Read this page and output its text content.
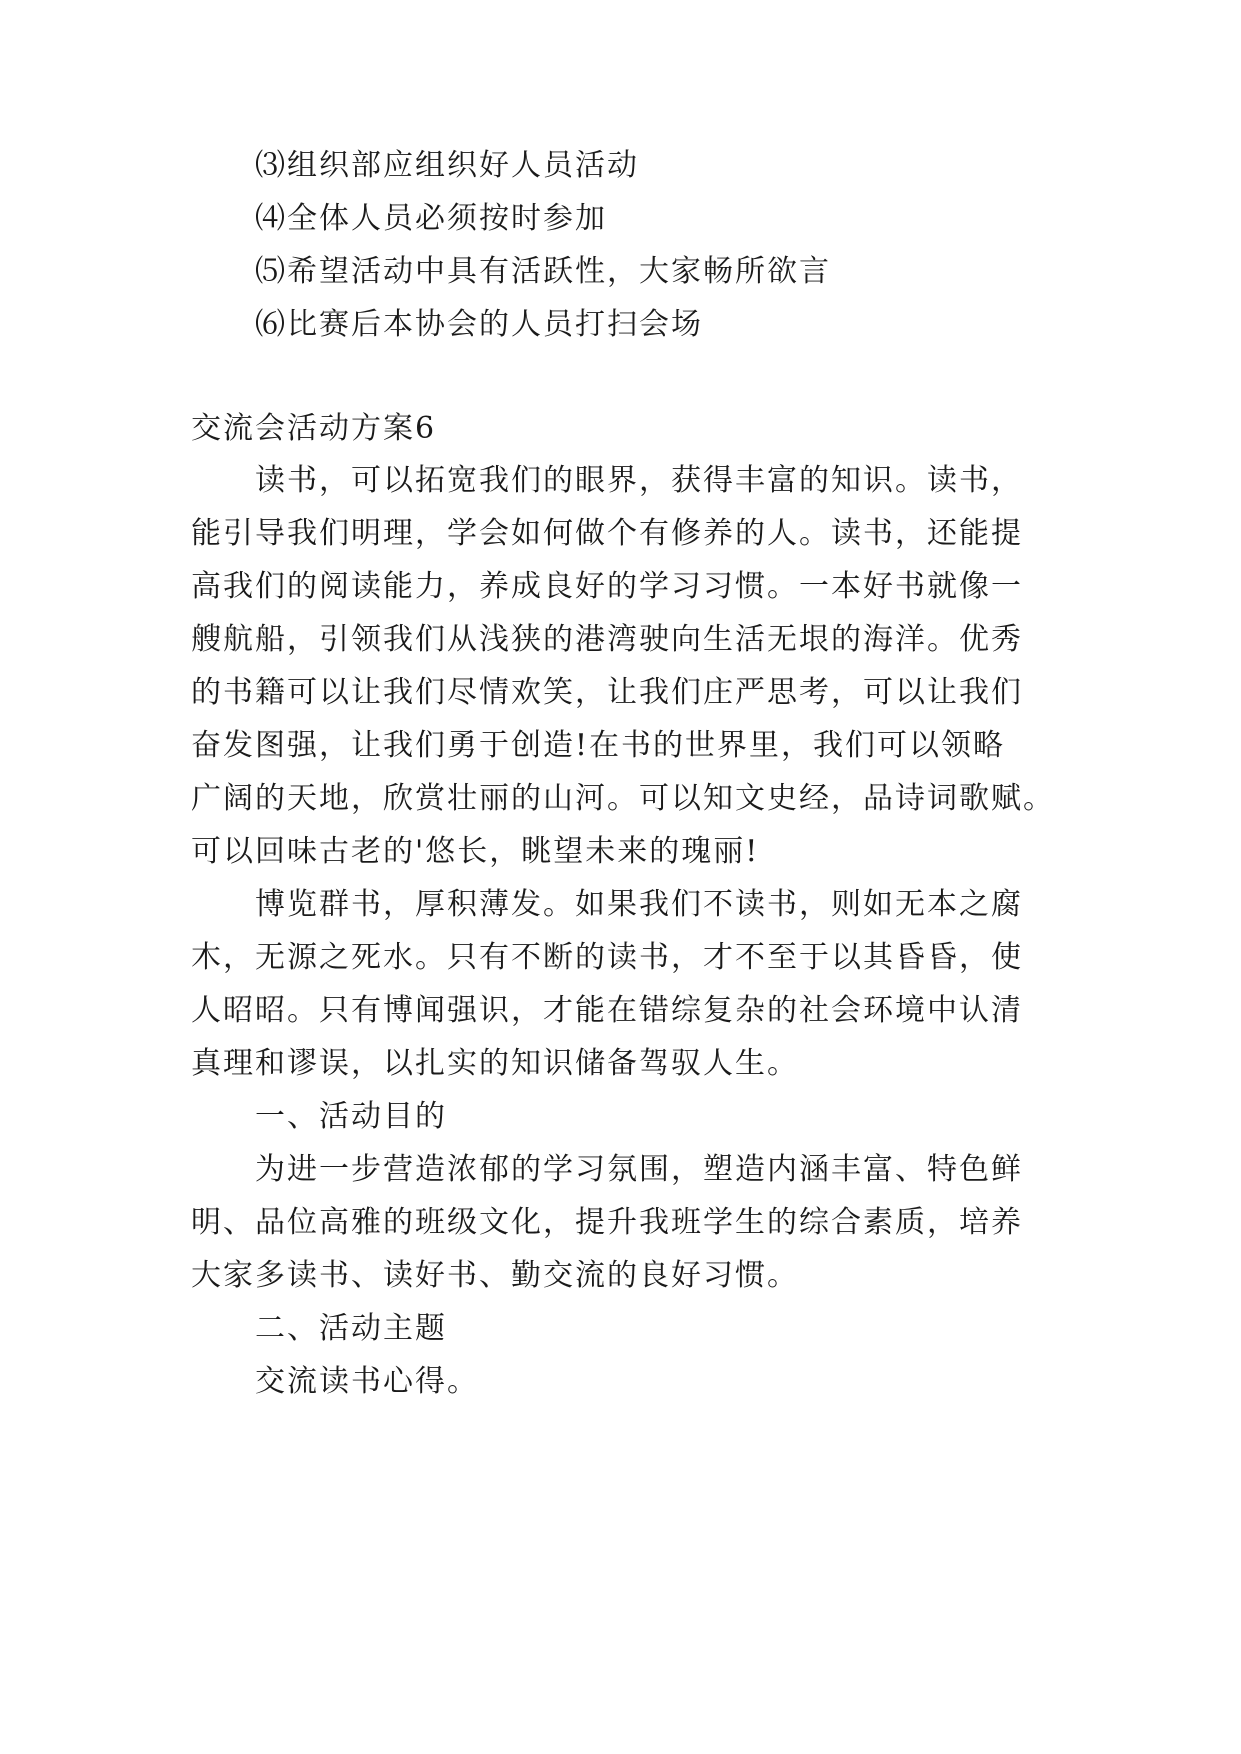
⑶组织部应组织好人员活动
⑷全体人员必须按时参加
⑸希望活动中具有活跃性，大家畅所欲言
⑹比赛后本协会的人员打扫会场
交流会活动方案6
读书，可以拓宽我们的眼界，获得丰富的知识。读书，
能引导我们明理，学会如何做个有修养的人。读书，还能提
高我们的阅读能力，养成良好的学习习惯。一本好书就像一
艘航船，引领我们从浅狭的港湾驶向生活无垠的海洋。优秀
的书籍可以让我们尽情欢笑，让我们庄严思考，可以让我们
奋发图强，让我们勇于创造!在书的世界里，我们可以领略
广阔的天地，欣赏壮丽的山河。可以知文史经，品诗词歌赋。
可以回味古老的'悠长，眺望未来的瑰丽!
博览群书，厚积薄发。如果我们不读书，则如无本之腐
木，无源之死水。只有不断的读书，才不至于以其昏昏，使
人昭昭。只有博闻强识，才能在错综复杂的社会环境中认清
真理和谬误，以扎实的知识储备驾驭人生。
一、活动目的
为进一步营造浓郁的学习氛围，塑造内涵丰富、特色鲜
明、品位高雅的班级文化，提升我班学生的综合素质，培养
大家多读书、读好书、勤交流的良好习惯。
二、活动主题
交流读书心得。
